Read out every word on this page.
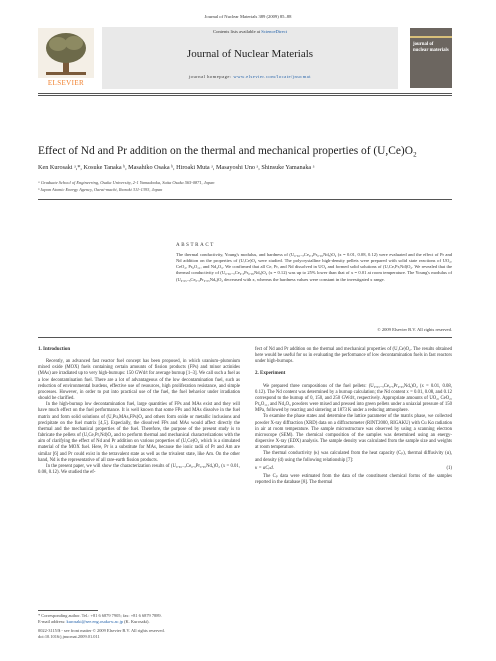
Journal of Nuclear Materials 389 (2009) 85–88
ELSEVIER
Contents lists available at ScienceDirect
Journal of Nuclear Materials
journal homepage: www.elsevier.com/locate/jnucmat
journal of nuclear materials
Effect of Nd and Pr addition on the thermal and mechanical properties of (U,Ce)O₂
Ken Kurosaki ᵃ,*, Kosuke Tanaka ᵇ, Masahiko Osaka ᵇ, Hiroaki Muta ᵃ, Masayoshi Uno ᵃ, Shinsuke Yamanaka ᵃ
ᵃ Graduate School of Engineering, Osaka University, 2-1 Yamadaoka, Suita Osaka 565-0871, Japan
ᵇ Japan Atomic Energy Agency, Oarai-machi, Ibaraki 311-1393, Japan
ABSTRACT
The thermal conductivity, Young's modulus, and hardness of (U₀.₆₅₋ₓCe₀.₃Pr₀.₀₅Ndₓ)O₂ (x = 0.01, 0.08, 0.12) were evaluated and the effect of Pr and Nd addition on the properties of (U,Ce)O₂ were studied. The polycrystalline high-density pellets were prepared with solid state reactions of UO₂, CeO₂, Pr₆O₁₁, and Nd₂O₃. We confirmed that all Ce, Pr, and Nd dissolved in UO₂ and formed solid solutions of (U,Ce,Pr,Nd)O₂. We revealed that the thermal conductivity of (U₀.₆₅₋ₓCe₀.₃Pr₀.₀₅Ndₓ)O₂ (x = 0.12) was up to 25% lower than that of x = 0.01 at room temperature. The Young's modulus of (U₀.₆₅₋ₓCe₀.₃Pr₀.₀₅Ndₓ)O₂ decreased with x, whereas the hardness values were constant in the investigated x range.
© 2009 Elsevier B.V. All rights reserved.

1. Introduction

Recently, an advanced fast reactor fuel concept has been proposed, in which uranium–plutonium mixed oxide (MOX) fuels containing certain amounts of fission products (FPs) and minor actinides (MAs) are irradiated up to very high-burnups: 150 GWd/t for average burnup [1–3]. We call such a fuel as a low decontamination fuel. There are a lot of advantageous of the low decontamination fuel, such as reduction of environmental burdens, effective use of resources, high proliferation resistance, and simple processes. However, in order to put into practical use of the fuel, the fuel behavior under irradiation should be clarified.

In the high-burnup low decontamination fuel, large quantities of FPs and MAs exist and they will have much effect on the fuel performance. It is well known that some FPs and MAs dissolve in the fuel matrix and form solid solutions of (U,Pu,MAs,FPs)O₂ and others form oxide or metallic inclusions and precipitate on the fuel matrix [4,5]. Especially, the dissolved FPs and MAs would affect directly the thermal and the mechanical properties of the fuel. Therefore, the purpose of the present study is to fabricate the pellets of (U,Ce,Pr,Nd)O₂ and to perform thermal and mechanical characterizations with the aim of clarifying the effect of Nd and Pr addition on various properties of (U,Ce)O₂ which is a simulated material of the MOX fuel. Here, Pr is a substitute for MAs, because the ionic radii of Pr and Am are similar [6] and Pr could exist in the tetravalent state as well as the trivalent state, like Am. On the other hand, Nd is the representative of all rare-earth fission products.

In the present paper, we will show the characterization results of (U₀.₆₅₋ₓCe₀.₃Pr₀.₀₅Ndₓ)O₂ (x = 0.01, 0.08, 0.12). We studied the ef-

* Corresponding author. Tel.: +81 6 6879 7905; fax: +81 6 6879 7889.
E-mail address: kurosaki@see.eng.osaka-u.ac.jp (K. Kurosaki).
0022-3115/$ - see front matter © 2009 Elsevier B.V. All rights reserved.
doi:10.1016/j.jnucmat.2009.01.011

fect of Nd and Pr addition on the thermal and mechanical properties of (U,Ce)O₂. The results obtained here would be useful for us in evaluating the performance of low decontamination fuels in fast reactors under high-burnups.

2. Experiment

We prepared three compositions of the fuel pellets: (U₀.₆₅₋ₓCe₀.₃Pr₀.₀₅Ndₓ)O₂ (x = 0.01, 0.08, 0.12). The Nd content was determined by a burnup calculation; the Nd content x = 0.01, 0.08, and 0.12 correspond to the burnup of 0, 150, and 250 GWd/t, respectively. Appropriate amounts of UO₂, CeO₂, Pr₆O₁₁, and Nd₂O₃ powders were mixed and pressed into green pellets under a uniaxial pressure of 150 MPa, followed by reacting and sintering at 1873 K under a reducing atmosphere.

To examine the phase states and determine the lattice parameter of the matrix phase, we collected powder X-ray diffraction (XRD) data on a diffractometer (RINT2000, RIGAKU) with Cu Kα radiation in air at room temperature. The sample microstructure was observed by using a scanning electron microscope (SEM). The chemical composition of the samples was determined using an energy-dispersive X-ray (EDX) analysis. The sample density was calculated from the sample size and weights at room temperature.

The thermal conductivity (κ) was calculated from the heat capacity (Cₚ), thermal diffusivity (α), and density (d) using the following relationship [7]:

κ = αCₚd.	(1)

The Cₚ data were estimated from the data of the constituent chemical forms of the samples reported in the database [8]. The thermal
